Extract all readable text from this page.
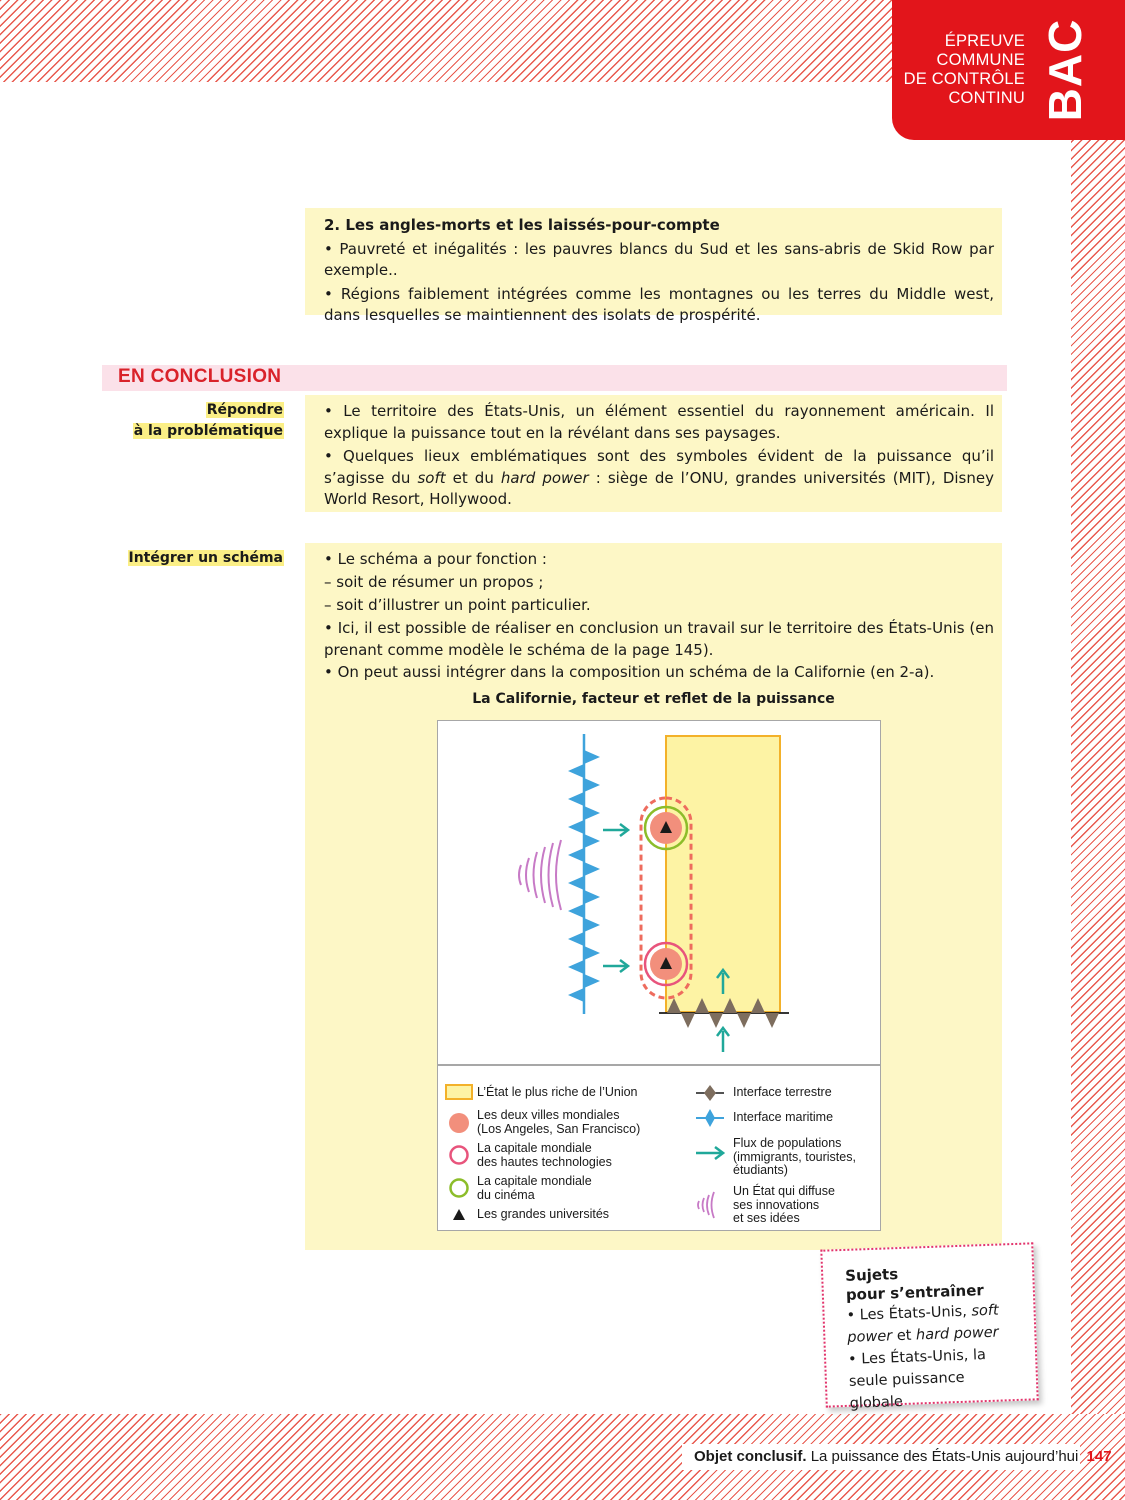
ÉPREUVE
COMMUNE
DE CONTRÔLE
CONTINU BAC

2. Les angles-morts et les laissés-pour-compte

• Pauvreté et inégalités : les pauvres blancs du Sud et les sans-abris de Skid Row par exemple..

• Régions faiblement intégrées comme les montagnes ou les terres du Middle west, dans lesquelles se maintiennent des isolats de prospérité.

EN CONCLUSION
Répondre
à la problématique

• Le territoire des États-Unis, un élément essentiel du rayonnement américain. Il explique la puissance tout en la révélant dans ses paysages.

• Quelques lieux emblématiques sont des symboles évident de la puissance qu’il s’agisse du soft et du hard power : siège de l’ONU, grandes universités (MIT), Disney World Resort, Hollywood.

Intégrer un schéma	• Le schéma a pour fonction :

– soit de résumer un propos ;

– soit d’illustrer un point particulier.

• Ici, il est possible de réaliser en conclusion un travail sur le territoire des États-Unis (en prenant comme modèle le schéma de la page 145).

• On peut aussi intégrer dans la composition un schéma de la Californie (en 2-a).

La Californie, facteur et reflet de la puissance
L’État le plus riche de l’Union
Les deux villes mondiales
(Los Angeles, San Francisco)
La capitale mondiale
des hautes technologies
La capitale mondiale
du cinéma
Les grandes universités
Interface terrestre
Interface maritime
Flux de populations
(immigrants, touristes,
étudiants)
Un État qui diffuse
ses innovations
et ses idées
Sujets
pour s’entraîner
• Les États-Unis, soft
power et hard power
• Les États-Unis, la seule puissance globale
Objet conclusif. La puissance des États-Unis aujourd’hui 147
